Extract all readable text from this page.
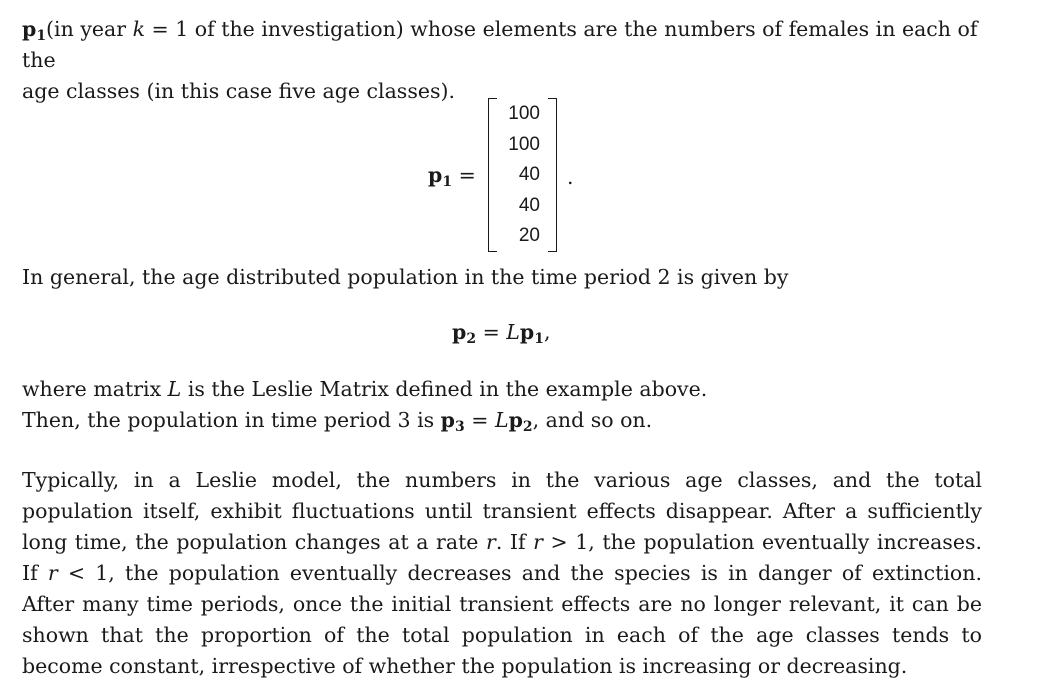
$p_1(in$ year k = 1 of the investigation) whose elements are the numbers of females in each of the
age classes (in this case five age classes).

$p_1$ =
100
100
40
40
20
.

In general, the age distributed population in the time period 2 is given by

$p_2 = Lp_1$,

where matrix L is the Leslie Matrix defined in the example above.
Then, the population in time period 3 is $p_3 = Lp_2$, and so on.

Typically, in a Leslie model, the numbers in the various age classes, and the total population itself, exhibit fluctuations until transient effects disappear. After a sufficiently long time, the population changes at a rate r. If r > 1, the population eventually increases. If r < 1, the population eventually decreases and the species is in danger of extinction. After many time periods, once the initial transient effects are no longer relevant, it can be shown that the proportion of the total population in each of the age classes tends to become constant, irrespective of whether the population is increasing or decreasing.
